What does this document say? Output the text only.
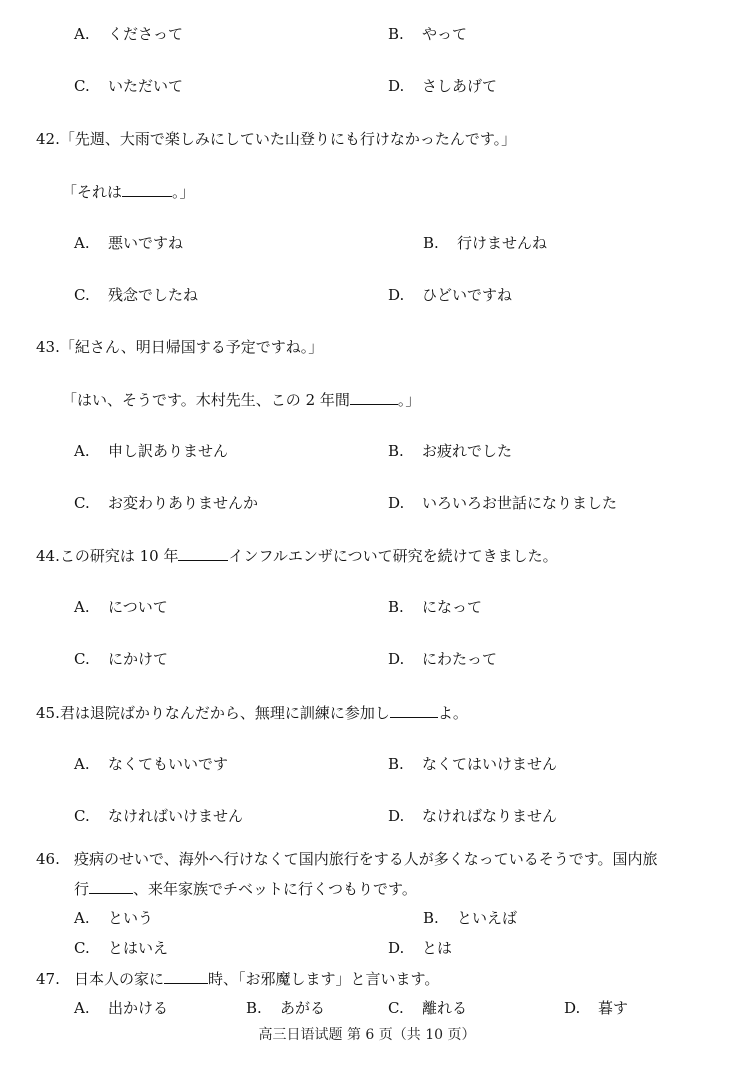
A. くださって	B. やって
C. いただいて	D. さしあげて
42.「先週、大雨で楽しみにしていた山登りにも行けなかったんです。」
「それは	。」
A. 悪いですね	B. 行けませんね
C. 残念でしたね	D. ひどいですね
43.「紀さん、明日帰国する予定ですね。」
「はい、そうです。木村先生、この 2 年間	。」
A. 申し訳ありません	B. お疲れでした
C. お変わりありませんか	D. いろいろお世話になりました
44.この研究は 10 年	インフルエンザについて研究を続けてきました。
A. について	B. になって
C. にかけて	D. にわたって
45.君は退院ばかりなんだから、無理に訓練に参加し	よ。
A. なくてもいいです	B. なくてはいけません
C. なければいけません	D. なければなりません
46. 疫病のせいで、海外へ行けなくて国内旅行をする人が多くなっているそうです。国内旅
行	、来年家族でチベットに行くつもりです。
A. という	B. といえば
C. とはいえ	D. とは
47. 日本人の家に	時、「お邪魔します」と言います。
A. 出かける	B. あがる	C. 離れる	D. 暮す
高三日语试题 第 6 页（共 10 页）
